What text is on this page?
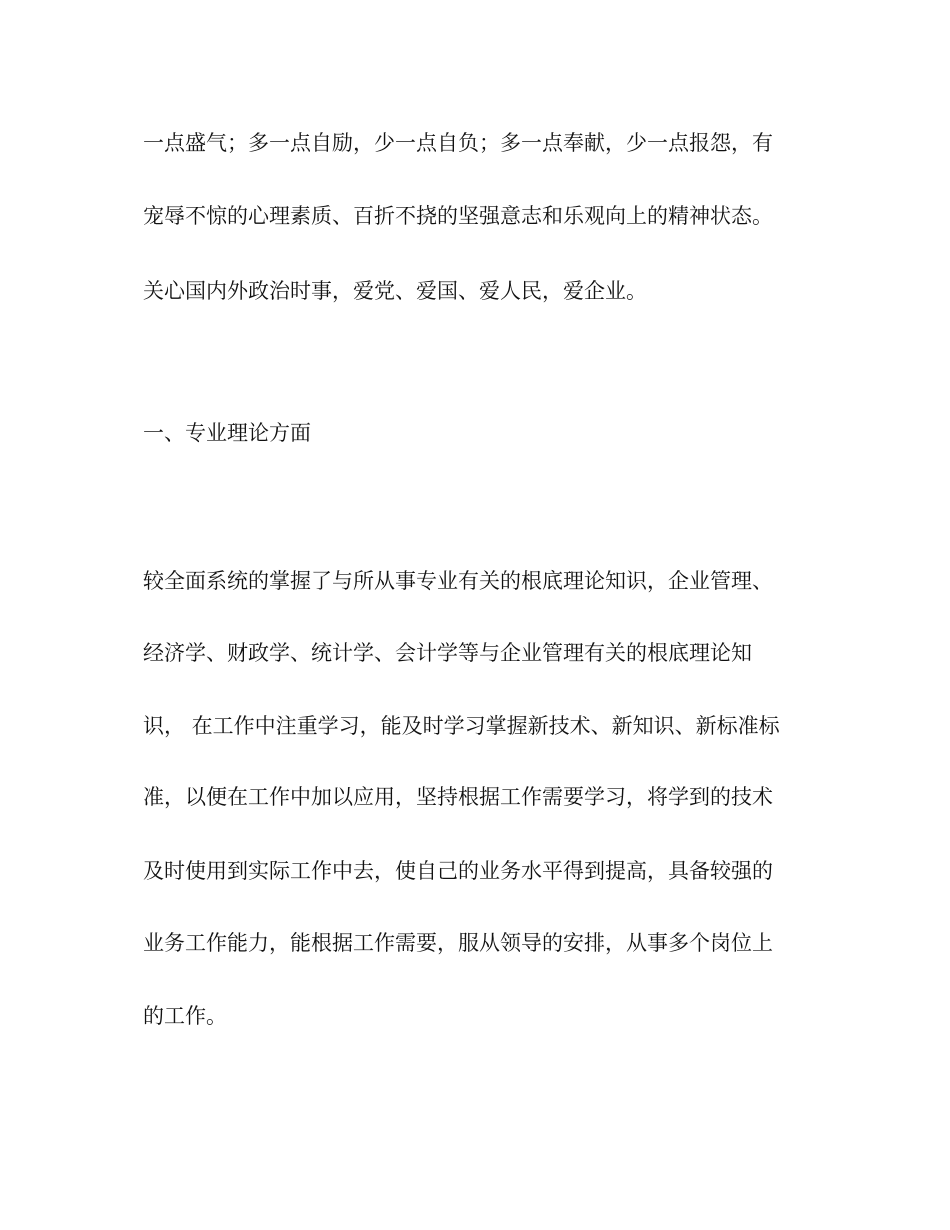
一点盛气；多一点自励，少一点自负；多一点奉献，少一点报怨，有

宠辱不惊的心理素质、百折不挠的坚强意志和乐观向上的精神状态。

关心国内外政治时事，爱党、爱国、爱人民，爱企业。

一、专业理论方面

较全面系统的掌握了与所从事专业有关的根底理论知识，企业管理、

经济学、财政学、统计学、会计学等与企业管理有关的根底理论知

识， 在工作中注重学习，能及时学习掌握新技术、新知识、新标准标

准，以便在工作中加以应用，坚持根据工作需要学习，将学到的技术

及时使用到实际工作中去，使自己的业务水平得到提高，具备较强的

业务工作能力，能根据工作需要，服从领导的安排，从事多个岗位上

的工作。
